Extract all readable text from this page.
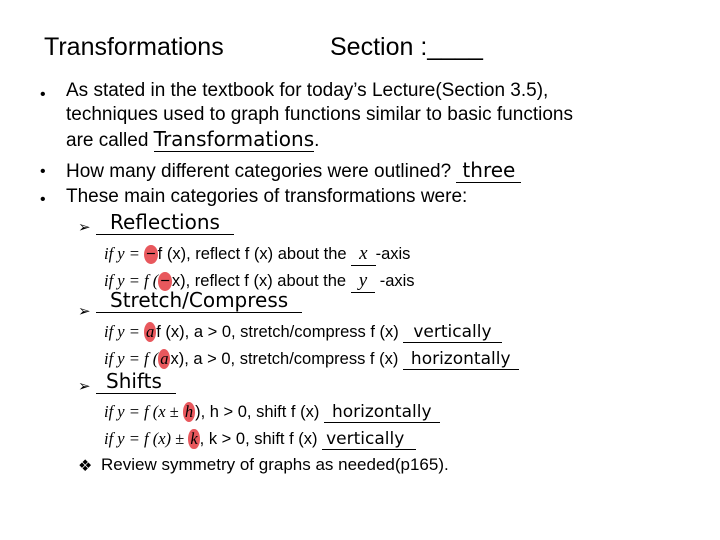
Transformations	Section :____
• As stated in the textbook for today’s Lecture(Section 3.5),
techniques used to graph functions similar to basic functions
are called Transformations.
• How many different categories were outlined? three
• These main categories of transformations were:
➢ Reflections
if y = − f (x), reflect f (x) about the x -axis
if y = f ( − x), reflect f (x) about the y -axis
➢ Stretch/Compress
if y = a f (x), a > 0, stretch/compress f (x) vertically
if y = f ( a x), a > 0, stretch/compress f (x) horizontally
➢ Shifts
if y = f (x ± h ), h > 0, shift f (x) horizontally
if y = f (x) ± k , k > 0, shift f (x) vertically
❖ Review symmetry of graphs as needed(p165).
